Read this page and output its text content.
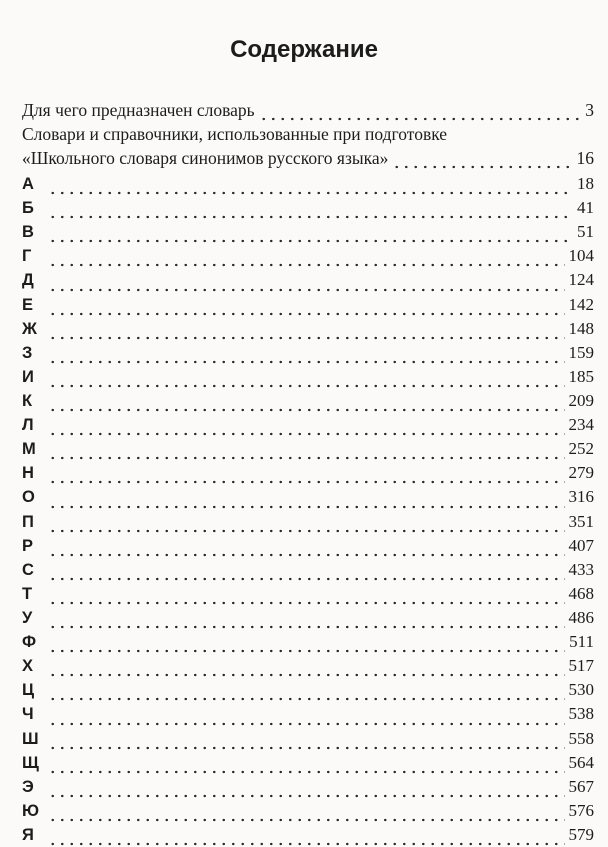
Содержание
Для чего предназначен словарь	3
Словари и справочники, использованные при подготовке
«Школьного словаря синонимов русского языка»	16
А	18
Б	41
В	51
Г	104
Д	124
Е	142
Ж	148
З	159
И	185
К	209
Л	234
М	252
Н	279
О	316
П	351
Р	407
С	433
Т	468
У	486
Ф	511
Х	517
Ц	530
Ч	538
Ш	558
Щ	564
Э	567
Ю	576
Я	579
